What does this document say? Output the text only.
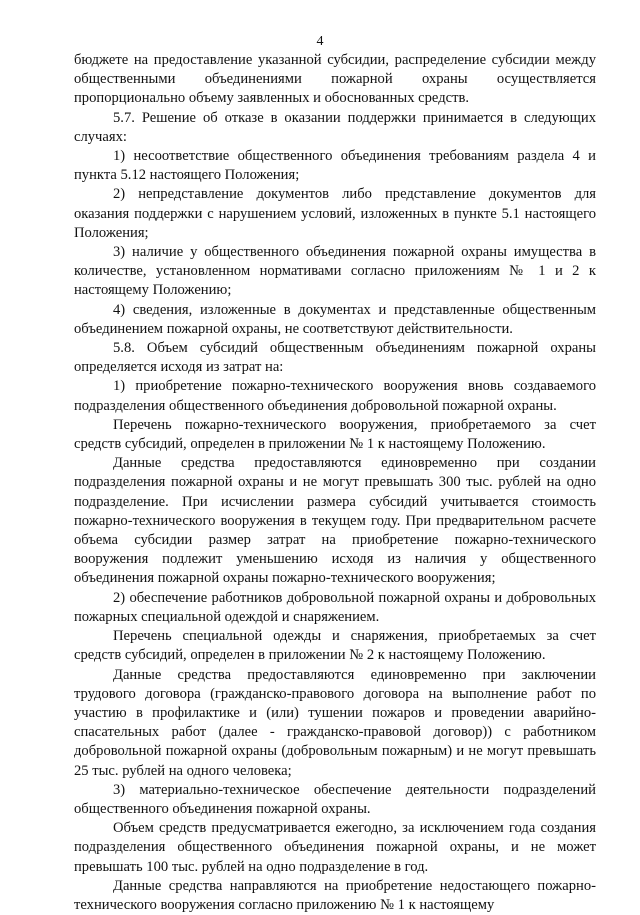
4

бюджете на предоставление указанной субсидии, распределение субсидии между общественными объединениями пожарной охраны осуществляется пропорционально объему заявленных и обоснованных средств.

5.7. Решение об отказе в оказании поддержки принимается в следующих случаях:

1) несоответствие общественного объединения требованиям раздела 4 и пункта 5.12 настоящего Положения;

2) непредставление документов либо представление документов для оказания поддержки с нарушением условий, изложенных в пункте 5.1 настоящего Положения;

3) наличие у общественного объединения пожарной охраны имущества в количестве, установленном нормативами согласно приложениям № 1 и 2 к настоящему Положению;

4) сведения, изложенные в документах и представленные общественным объединением пожарной охраны, не соответствуют действительности.

5.8. Объем субсидий общественным объединениям пожарной охраны определяется исходя из затрат на:

1) приобретение пожарно-технического вооружения вновь создаваемого подразделения общественного объединения добровольной пожарной охраны.

Перечень пожарно-технического вооружения, приобретаемого за счет средств субсидий, определен в приложении № 1 к настоящему Положению.

Данные средства предоставляются единовременно при создании подразделения пожарной охраны и не могут превышать 300 тыс. рублей на одно подразделение. При исчислении размера субсидий учитывается стоимость пожарно-технического вооружения в текущем году. При предварительном расчете объема субсидии размер затрат на приобретение пожарно-технического вооружения подлежит уменьшению исходя из наличия у общественного объединения пожарной охраны пожарно-технического вооружения;

2) обеспечение работников добровольной пожарной охраны и добровольных пожарных специальной одеждой и снаряжением.

Перечень специальной одежды и снаряжения, приобретаемых за счет средств субсидий, определен в приложении № 2 к настоящему Положению.

Данные средства предоставляются единовременно при заключении трудового договора (гражданско-правового договора на выполнение работ по участию в профилактике и (или) тушении пожаров и проведении аварийно-спасательных работ (далее - гражданско-правовой договор)) с работником добровольной пожарной охраны (добровольным пожарным) и не могут превышать 25 тыс. рублей на одного человека;

3) материально-техническое обеспечение деятельности подразделений общественного объединения пожарной охраны.

Объем средств предусматривается ежегодно, за исключением года создания подразделения общественного объединения пожарной охраны, и не может превышать 100 тыс. рублей на одно подразделение в год.

Данные средства направляются на приобретение недостающего пожарно-технического вооружения согласно приложению № 1 к настоящему
